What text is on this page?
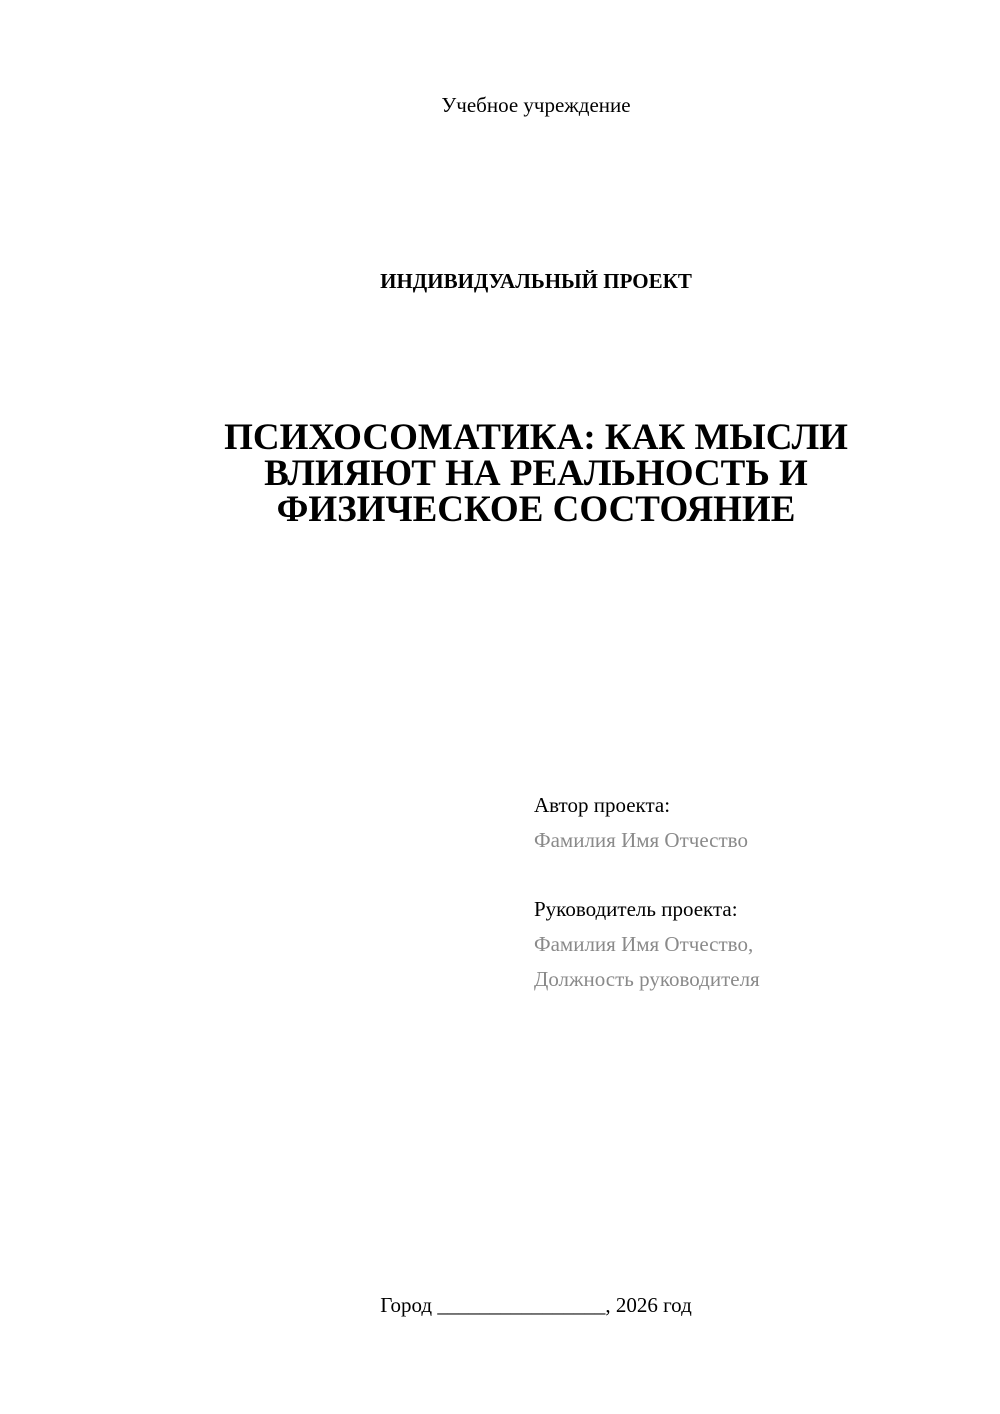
Учебное учреждение
ИНДИВИДУАЛЬНЫЙ ПРОЕКТ
ПСИХОСОМАТИКА: КАК МЫСЛИ
ВЛИЯЮТ НА РЕАЛЬНОСТЬ И
ФИЗИЧЕСКОЕ СОСТОЯНИЕ
Автор проекта:
Фамилия Имя Отчество
Руководитель проекта:
Фамилия Имя Отчество,
Должность руководителя
Город ________________, 2026 год
